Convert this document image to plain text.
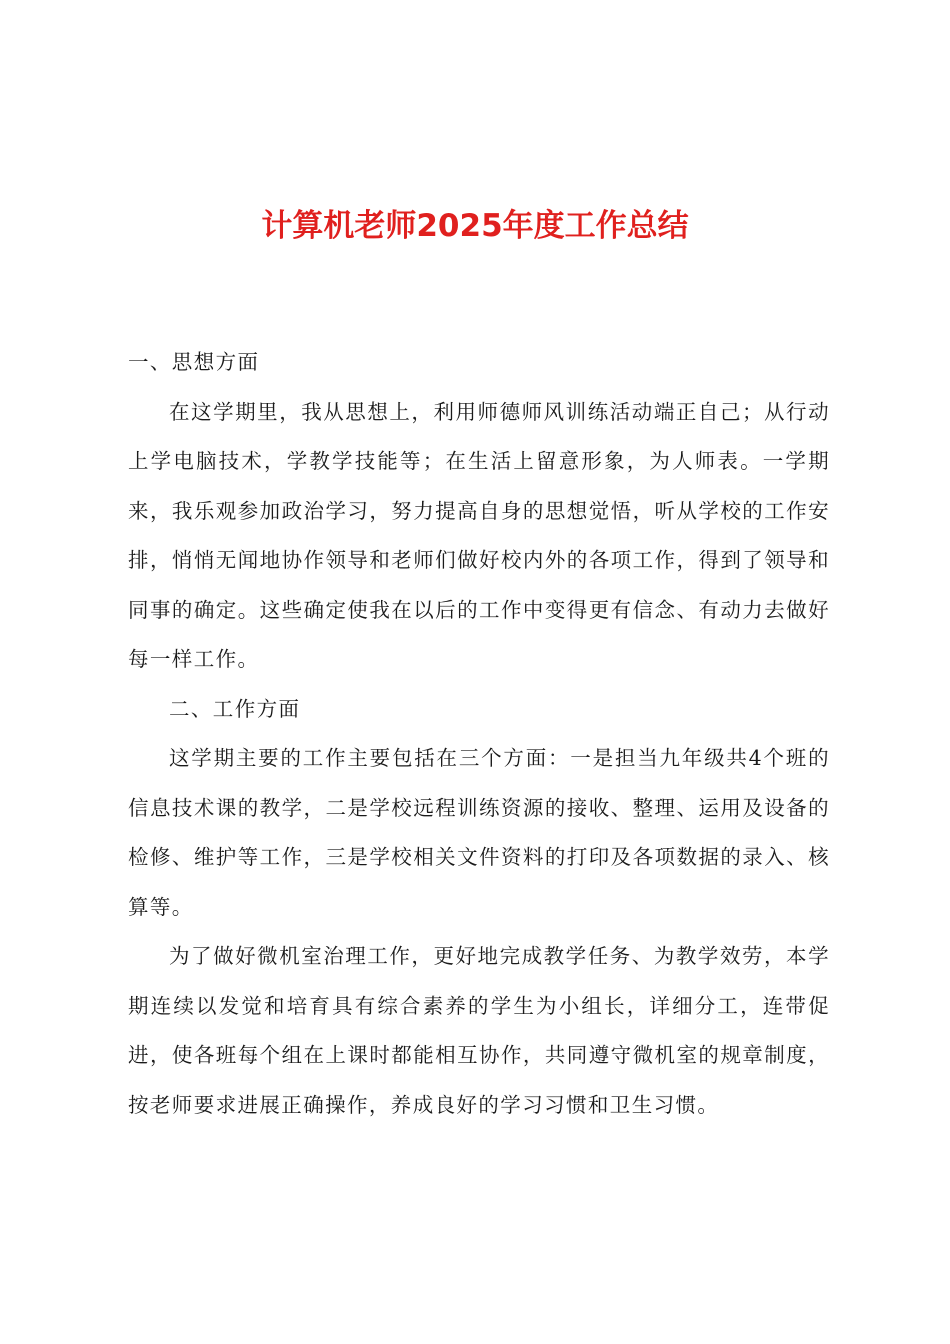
计算机老师2025年度工作总结

一、思想方面

在这学期里，我从思想上，利用师德师风训练活动端正自己；从行动上学电脑技术，学教学技能等；在生活上留意形象，为人师表。一学期来，我乐观参加政治学习，努力提高自身的思想觉悟，听从学校的工作安排，悄悄无闻地协作领导和老师们做好校内外的各项工作，得到了领导和同事的确定。这些确定使我在以后的工作中变得更有信念、有动力去做好每一样工作。

二、工作方面

这学期主要的工作主要包括在三个方面：一是担当九年级共4个班的信息技术课的教学，二是学校远程训练资源的接收、整理、运用及设备的检修、维护等工作，三是学校相关文件资料的打印及各项数据的录入、核算等。

为了做好微机室治理工作，更好地完成教学任务、为教学效劳，本学期连续以发觉和培育具有综合素养的学生为小组长，详细分工，连带促进，使各班每个组在上课时都能相互协作，共同遵守微机室的规章制度，按老师要求进展正确操作，养成良好的学习习惯和卫生习惯。
